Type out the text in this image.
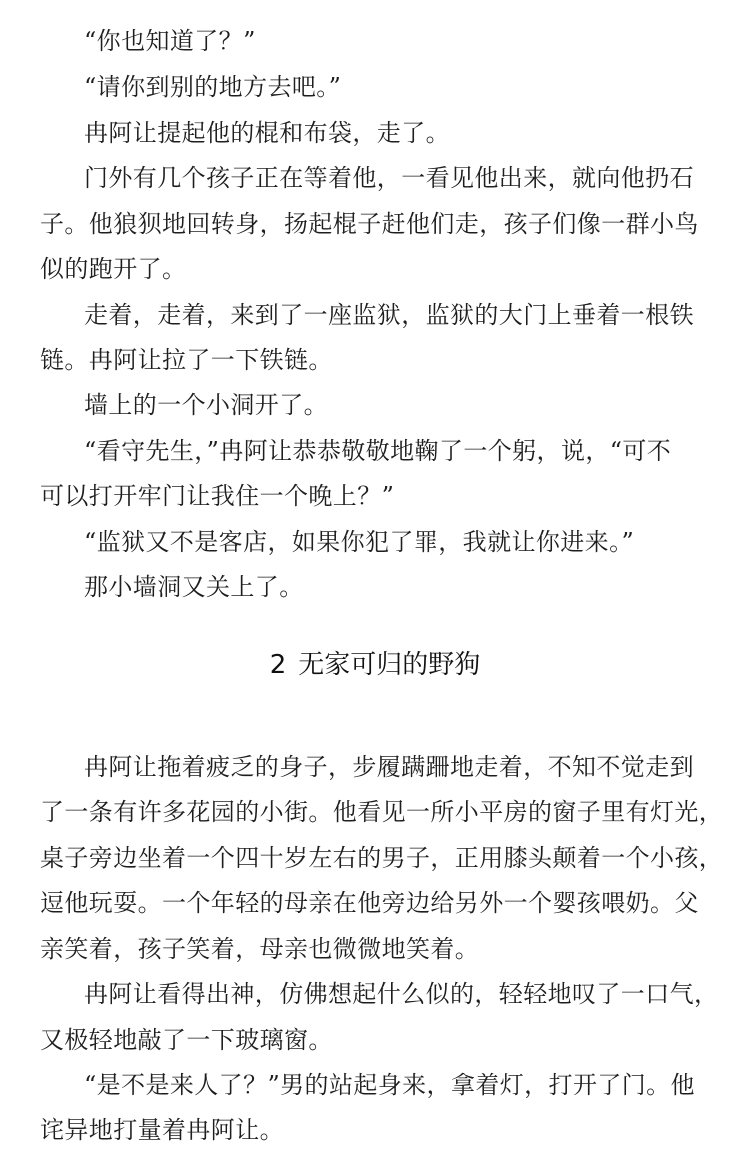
“你也知道了？”
“请你到别的地方去吧。”
冉阿让提起他的棍和布袋，走了。
门外有几个孩子正在等着他，一看见他出来，就向他扔石
子。他狼狈地回转身，扬起棍子赶他们走，孩子们像一群小鸟
似的跑开了。
走着，走着，来到了一座监狱，监狱的大门上垂着一根铁
链。冉阿让拉了一下铁链。
墙上的一个小洞开了。
“看守先生，”冉阿让恭恭敬敬地鞠了一个躬，说，“可不
可以打开牢门让我住一个晚上？”
“监狱又不是客店，如果你犯了罪，我就让你进来。”
那小墙洞又关上了。
2 无家可归的野狗
冉阿让拖着疲乏的身子，步履蹒跚地走着，不知不觉走到
了一条有许多花园的小街。他看见一所小平房的窗子里有灯光，
桌子旁边坐着一个四十岁左右的男子，正用膝头颠着一个小孩，
逗他玩耍。一个年轻的母亲在他旁边给另外一个婴孩喂奶。父
亲笑着，孩子笑着，母亲也微微地笑着。
冉阿让看得出神，仿佛想起什么似的，轻轻地叹了一口气，
又极轻地敲了一下玻璃窗。
“是不是来人了？”男的站起身来，拿着灯，打开了门。他
诧异地打量着冉阿让。
